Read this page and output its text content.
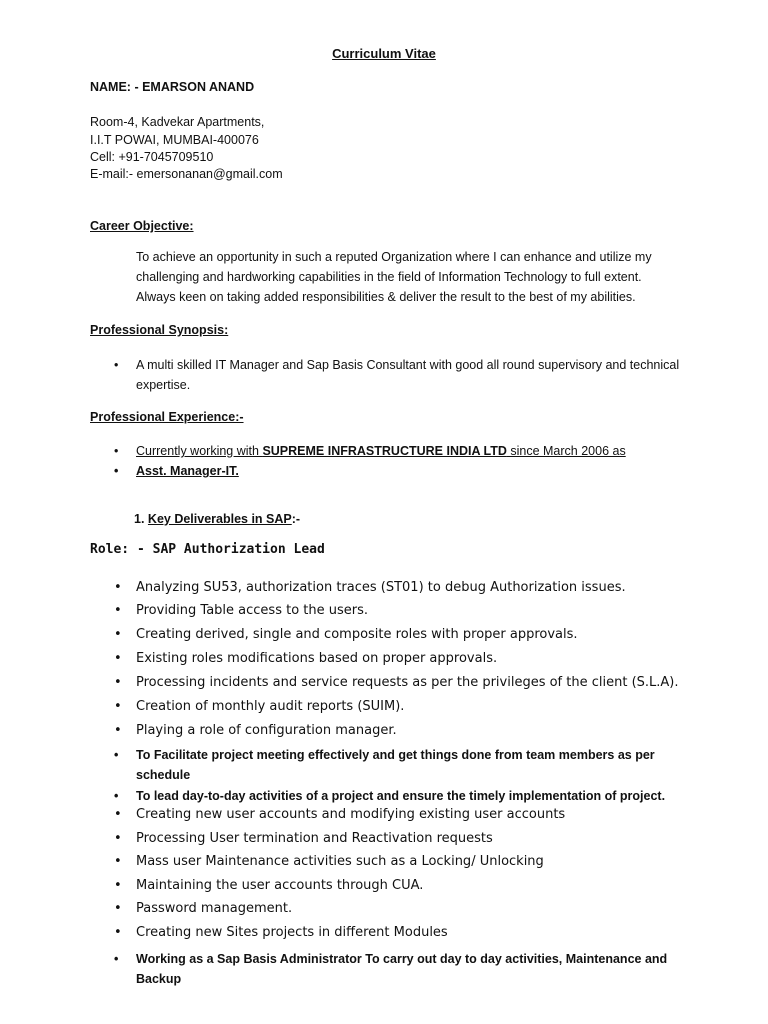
Curriculum Vitae
NAME: - EMARSON ANAND
Room-4, Kadvekar Apartments,
I.I.T POWAI, MUMBAI-400076
Cell: +91-7045709510
E-mail:- emersonanan@gmail.com
Career Objective:
To achieve an opportunity in such a reputed Organization where I can enhance and utilize my
challenging and hardworking capabilities in the field of Information Technology to full extent.
Always keen on taking added responsibilities & deliver the result to the best of my abilities.
Professional Synopsis:
• A multi skilled IT Manager and Sap Basis Consultant with good all round supervisory and technical expertise.
Professional Experience:-
• Currently working with SUPREME INFRASTRUCTURE INDIA LTD since March 2006 as
• Asst. Manager-IT.
1. Key Deliverables in SAP:-
Role: - SAP Authorization Lead
• Analyzing SU53, authorization traces (ST01) to debug Authorization issues.
• Providing Table access to the users.
• Creating derived, single and composite roles with proper approvals.
• Existing roles modifications based on proper approvals.
• Processing incidents and service requests as per the privileges of the client (S.L.A).
• Creation of monthly audit reports (SUIM).
• Playing a role of configuration manager.
• To Facilitate project meeting effectively and get things done from team members as per schedule
• To lead day-to-day activities of a project and ensure the timely implementation of project.
• Creating new user accounts and modifying existing user accounts
• Processing User termination and Reactivation requests
• Mass user Maintenance activities such as a Locking/ Unlocking
• Maintaining the user accounts through CUA.
• Password management.
• Creating new Sites projects in different Modules
• Working as a Sap Basis Administrator To carry out day to day activities, Maintenance and Backup
